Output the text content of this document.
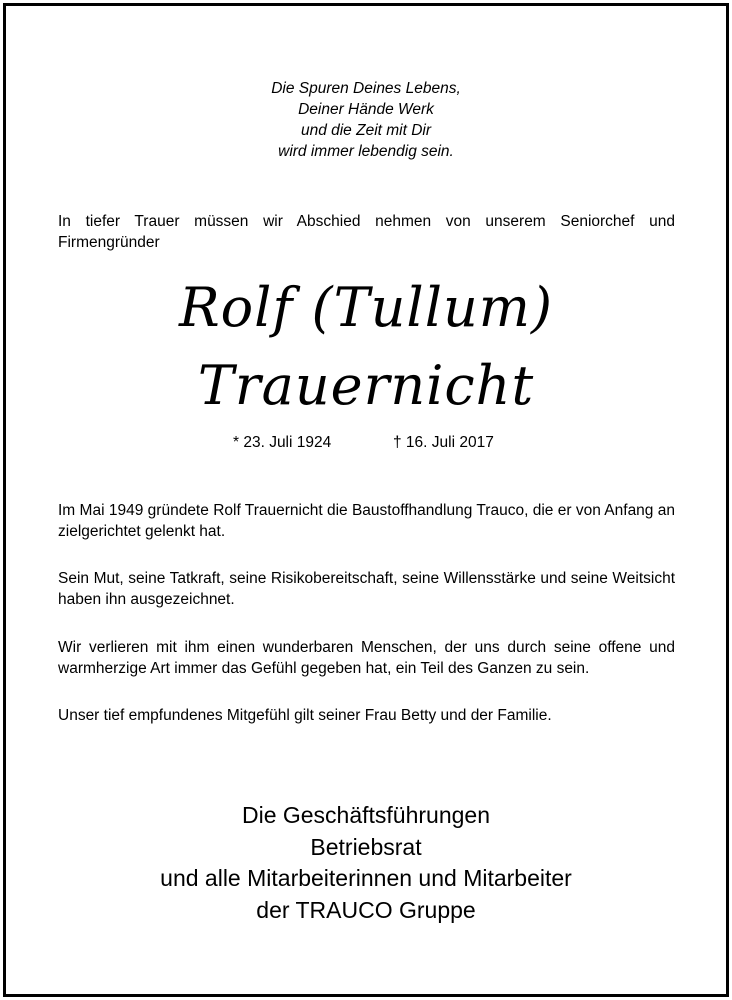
Die Spuren Deines Lebens,
Deiner Hände Werk
und die Zeit mit Dir
wird immer lebendig sein.
In tiefer Trauer müssen wir Abschied nehmen von unserem Seniorchef und Firmengründer
Rolf (Tullum)
Trauernicht
* 23. Juli 1924	† 16. Juli 2017
Im Mai 1949 gründete Rolf Trauernicht die Baustoffhandlung Trauco, die er von Anfang an zielgerichtet gelenkt hat.
Sein Mut, seine Tatkraft, seine Risikobereitschaft, seine Willensstärke und seine Weitsicht haben ihn ausgezeichnet.
Wir verlieren mit ihm einen wunderbaren Menschen, der uns durch seine offene und warmherzige Art immer das Gefühl gegeben hat, ein Teil des Ganzen zu sein.
Unser tief empfundenes Mitgefühl gilt seiner Frau Betty und der Familie.
Die Geschäftsführungen
Betriebsrat
und alle Mitarbeiterinnen und Mitarbeiter
der TRAUCO Gruppe
